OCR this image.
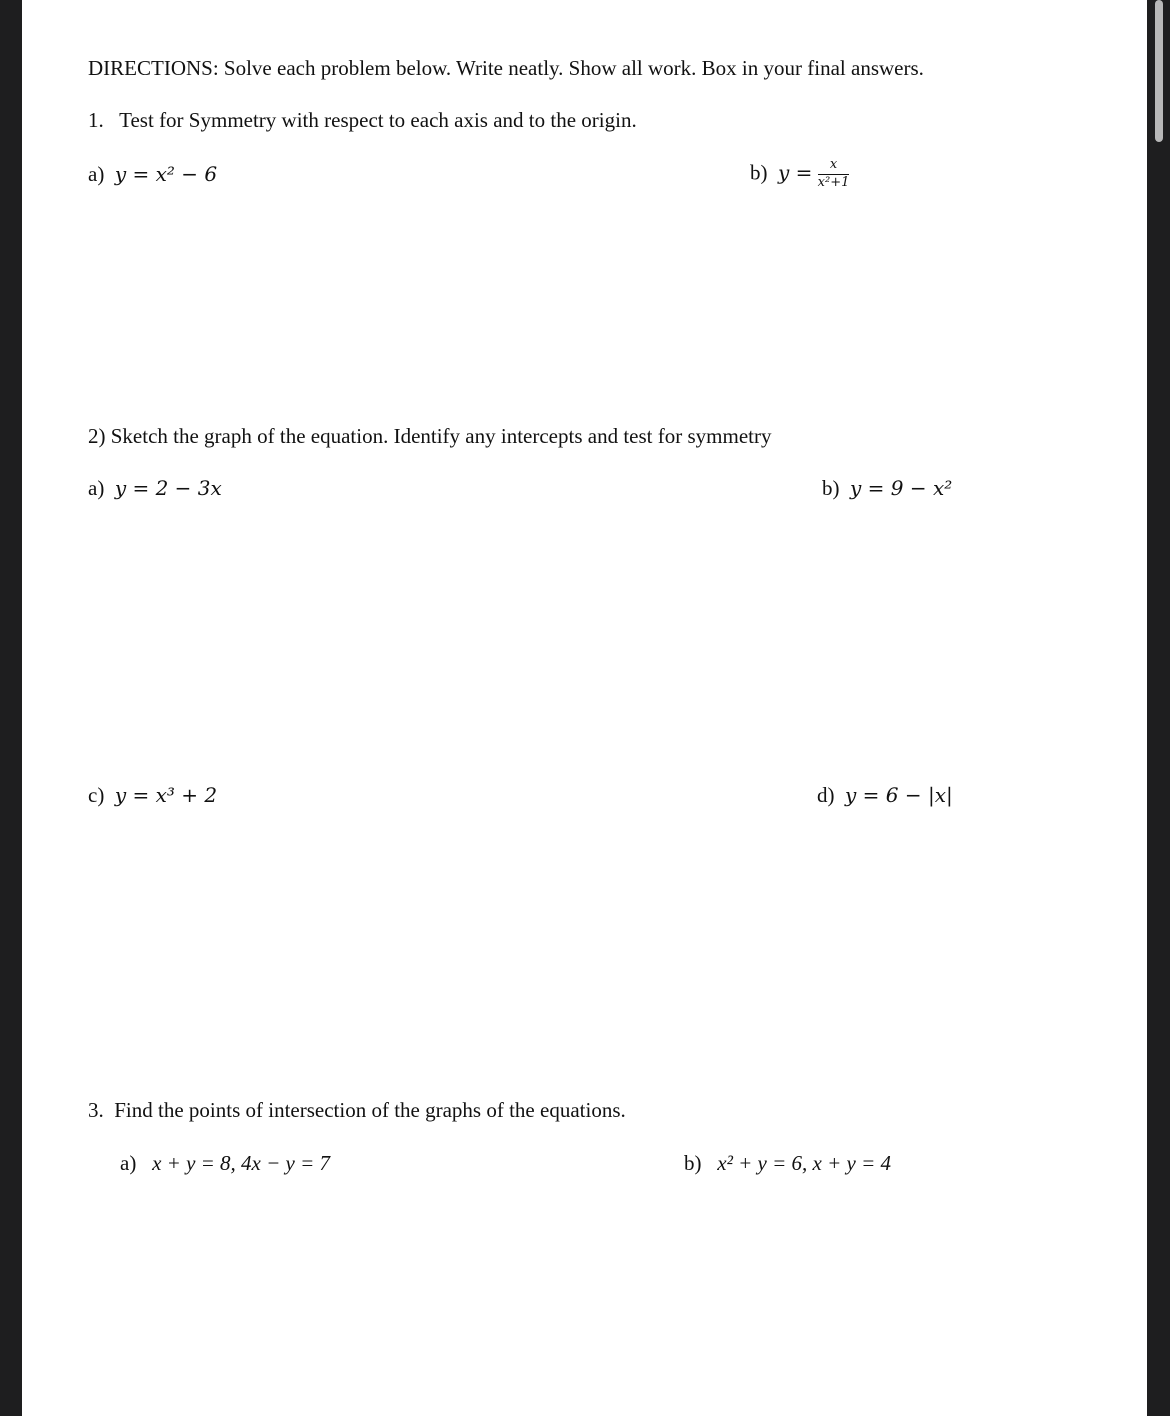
DIRECTIONS: Solve each problem below. Write neatly. Show all work. Box in your final answers.
1. Test for Symmetry with respect to each axis and to the origin.
a) y = x² − 6	b) $y = \frac{x}{\text{x²+1}}$
2) Sketch the graph of the equation. Identify any intercepts and test for symmetry
a) y = 2 − 3x	b) y = 9 − x²
c) y = x³ + 2	d) y = 6 − |x|
3. Find the points of intersection of the graphs of the equations.
a) x + y = 8, 4x − y = 7	b) x² + y = 6, x + y = 4
